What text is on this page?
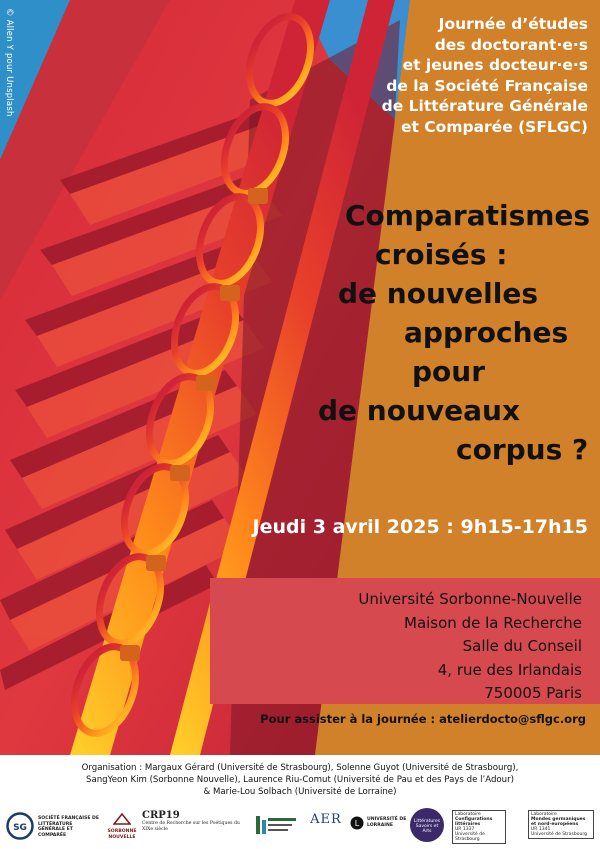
© Allen Y pour Unsplash	Journée d’études
des doctorant·e·s
et jeunes docteur·e·s
de la Société Française
de Littérature Générale
et Comparée (SFLGC)
Comparatismes
croisés :
de nouvelles
approches
pour
de nouveaux
corpus ?
Jeudi 3 avril 2025 : 9h15-17h15
Université Sorbonne-Nouvelle
Maison de la Recherche
Salle du Conseil
4, rue des Irlandais
750005 Paris
Pour assister à la journée : atelierdocto@sflgc.org
Organisation : Margaux Gérard (Université de Strasbourg), Solenne Guyot (Université de Strasbourg),
SangYeon Kim (Sorbonne Nouvelle), Laurence Riu-Comut (Université de Pau et des Pays de l’Adour)
& Marie-Lou Solbach (Université de Lorraine)
SG
SOCIÉTÉ FRANÇAISE DE LITTÉRATURE GÉNÉRALE ET COMPARÉE
SORBONNE NOUVELLE
CRP19
Centre de Recherche sur les Poétiques du XIXe siècle
AER L UNIVERSITÉ DE LORRAINE
Littératures Savoirs et Arts
Laboratoire
Configurations
littéraires
UR 1337
Université de Strasbourg
Laboratoire
Mondes germaniques
et nord-européens
UR 1341
Université de Strasbourg
